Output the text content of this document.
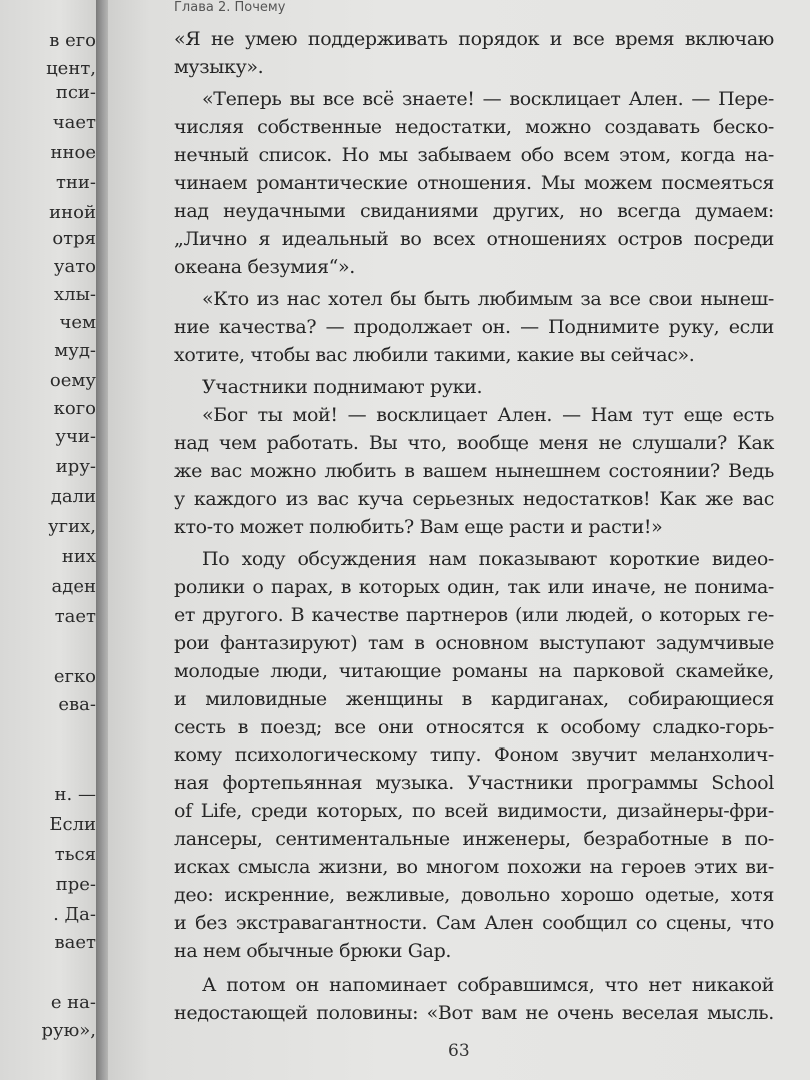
в его

цент,

пси-

чает

нное

тни-

иной

отря

уато

хлы-

чем

муд-

оему

кого

учи-

иру-

дали

угих,

них

аден

тает

егко

ева-

н. —

Если

ться

пре-

. Да-

вает

е на-

рую»,

Глава 2. Почему

63

«Я не умею поддерживать порядок и все время включаю

музыку».

«Теперь вы все всё знаете! — восклицает Ален. — Пере-

числяя собственные недостатки, можно создавать беско-

нечный список. Но мы забываем обо всем этом, когда на-

чинаем романтические отношения. Мы можем посмеяться

над неудачными свиданиями других, но всегда думаем:

„Лично я идеальный во всех отношениях остров посреди

океана безумия“».

«Кто из нас хотел бы быть любимым за все свои нынеш-

ние качества? — продолжает он. — Поднимите руку, если

хотите, чтобы вас любили такими, какие вы сейчас».

Участники поднимают руки.

«Бог ты мой! — восклицает Ален. — Нам тут еще есть

над чем работать. Вы что, вообще меня не слушали? Как

же вас можно любить в вашем нынешнем состоянии? Ведь

у каждого из вас куча серьезных недостатков! Как же вас

кто-то может полюбить? Вам еще расти и расти!»

По ходу обсуждения нам показывают короткие видео-

ролики о парах, в которых один, так или иначе, не понима-

ет другого. В качестве партнеров (или людей, о которых ге-

рои фантазируют) там в основном выступают задумчивые

молодые люди, читающие романы на парковой скамейке,

и миловидные женщины в кардиганах, собирающиеся

сесть в поезд; все они относятся к особому сладко-горь-

кому психологическому типу. Фоном звучит меланхолич-

ная фортепьянная музыка. Участники программы School

of Life, среди которых, по всей видимости, дизайнеры-фри-

лансеры, сентиментальные инженеры, безработные в по-

исках смысла жизни, во многом похожи на героев этих ви-

део: искренние, вежливые, довольно хорошо одетые, хотя

и без экстравагантности. Сам Ален сообщил со сцены, что

на нем обычные брюки Gap.

А потом он напоминает собравшимся, что нет никакой

недостающей половины: «Вот вам не очень веселая мысль.
